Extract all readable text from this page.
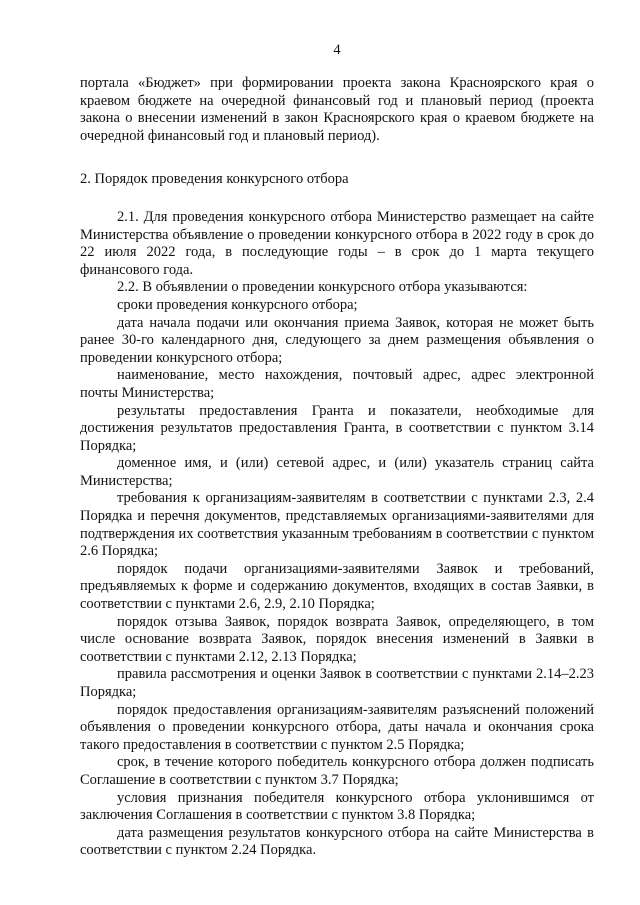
4

портала «Бюджет» при формировании проекта закона Красноярского края о краевом бюджете на очередной финансовый год и плановый период (проекта закона о внесении изменений в закон Красноярского края о краевом бюджете на очередной финансовый год и плановый период).

2. Порядок проведения конкурсного отбора

2.1. Для проведения конкурсного отбора Министерство размещает на сайте Министерства объявление о проведении конкурсного отбора в 2022 году в срок до 22 июля 2022 года, в последующие годы – в срок до 1 марта текущего финансового года.

2.2. В объявлении о проведении конкурсного отбора указываются:

сроки проведения конкурсного отбора;

дата начала подачи или окончания приема Заявок, которая не может быть ранее 30-го календарного дня, следующего за днем размещения объявления о проведении конкурсного отбора;

наименование, место нахождения, почтовый адрес, адрес электронной почты Министерства;

результаты предоставления Гранта и показатели, необходимые для достижения результатов предоставления Гранта, в соответствии с пунктом 3.14 Порядка;

доменное имя, и (или) сетевой адрес, и (или) указатель страниц сайта Министерства;

требования к организациям-заявителям в соответствии с пунктами 2.3, 2.4 Порядка и перечня документов, представляемых организациями-заявителями для подтверждения их соответствия указанным требованиям в соответствии с пунктом 2.6 Порядка;

порядок подачи организациями-заявителями Заявок и требований, предъявляемых к форме и содержанию документов, входящих в состав Заявки, в соответствии с пунктами 2.6, 2.9, 2.10 Порядка;

порядок отзыва Заявок, порядок возврата Заявок, определяющего, в том числе основание возврата Заявок, порядок внесения изменений в Заявки в соответствии с пунктами 2.12, 2.13 Порядка;

правила рассмотрения и оценки Заявок в соответствии с пунктами 2.14–2.23 Порядка;

порядок предоставления организациям-заявителям разъяснений положений объявления о проведении конкурсного отбора, даты начала и окончания срока такого предоставления в соответствии с пунктом 2.5 Порядка;

срок, в течение которого победитель конкурсного отбора должен подписать Соглашение в соответствии с пунктом 3.7 Порядка;

условия признания победителя конкурсного отбора уклонившимся от заключения Соглашения в соответствии с пунктом 3.8 Порядка;

дата размещения результатов конкурсного отбора на сайте Министерства в соответствии с пунктом 2.24 Порядка.
